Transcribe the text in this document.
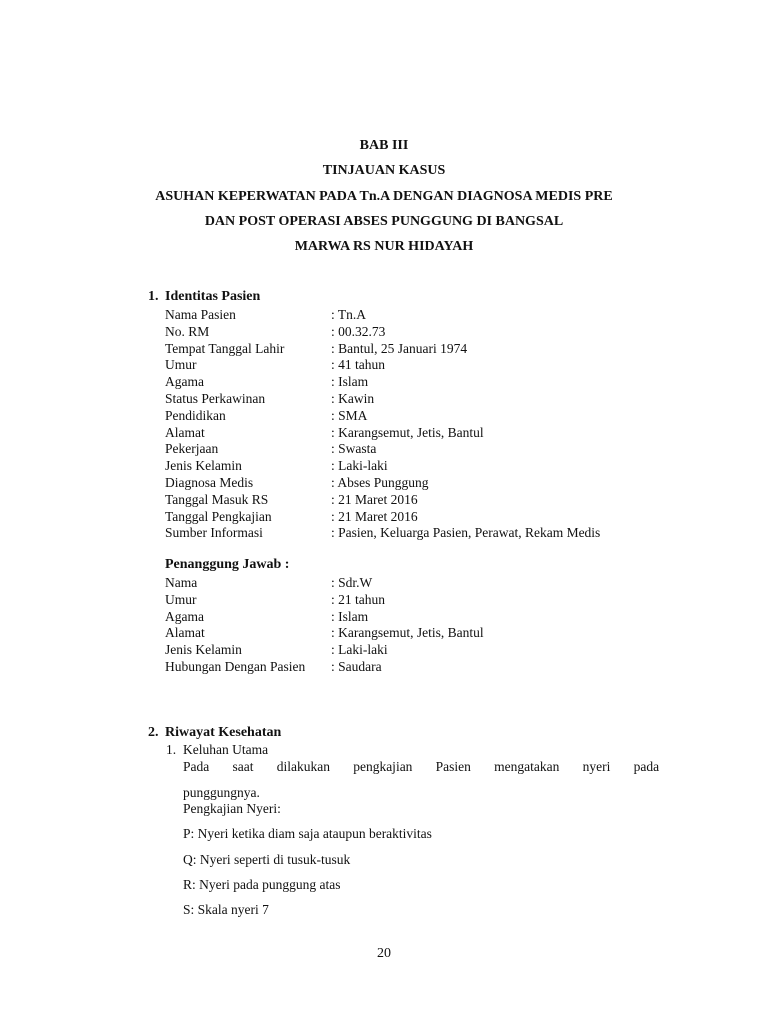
BAB III
TINJAUAN KASUS
ASUHAN KEPERWATAN PADA Tn.A DENGAN DIAGNOSA MEDIS PRE
DAN POST OPERASI ABSES PUNGGUNG DI BANGSAL
MARWA RS NUR HIDAYAH
1. Identitas Pasien
Nama Pasien	: Tn.A
No. RM	: 00.32.73
Tempat Tanggal Lahir	: Bantul, 25 Januari 1974
Umur	: 41 tahun
Agama	: Islam
Status Perkawinan	: Kawin
Pendidikan	: SMA
Alamat	: Karangsemut, Jetis, Bantul
Pekerjaan	: Swasta
Jenis Kelamin	: Laki-laki
Diagnosa Medis	: Abses Punggung
Tanggal Masuk RS	: 21 Maret 2016
Tanggal Pengkajian	: 21 Maret 2016
Sumber Informasi	: Pasien, Keluarga Pasien, Perawat, Rekam Medis
Penanggung Jawab :
Nama	: Sdr.W
Umur	: 21 tahun
Agama	: Islam
Alamat	: Karangsemut, Jetis, Bantul
Jenis Kelamin	: Laki-laki
Hubungan Dengan Pasien : Saudara
2. Riwayat Kesehatan
1. Keluhan Utama
Pada saat dilakukan pengkajian Pasien mengatakan nyeri pada
punggungnya.
Pengkajian Nyeri:
P: Nyeri ketika diam saja ataupun beraktivitas
Q: Nyeri seperti di tusuk-tusuk
R: Nyeri pada punggung atas
S: Skala nyeri 7
20
